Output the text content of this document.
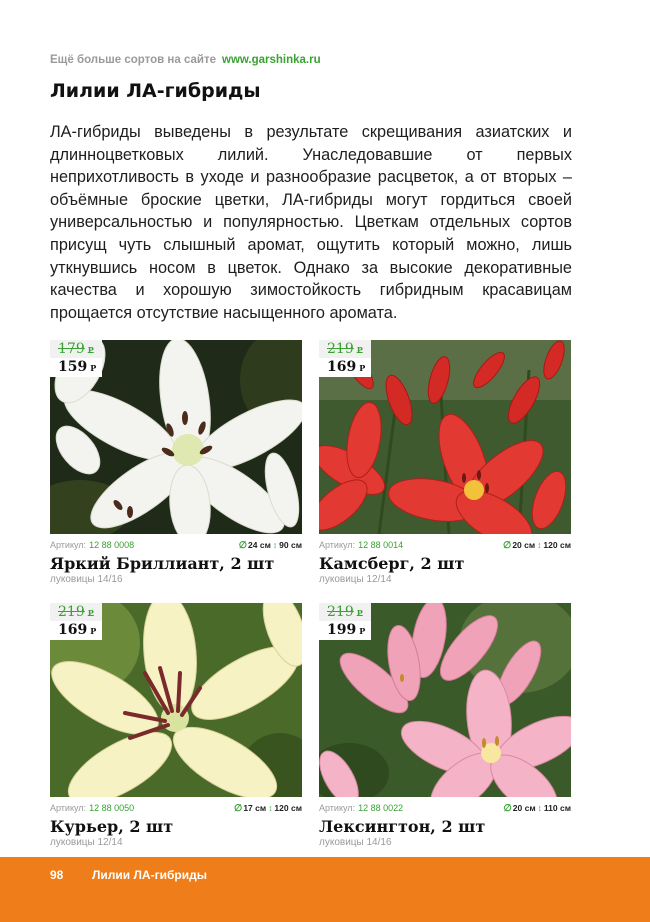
Ещё больше сортов на сайте www.garshinka.ru
Лилии ЛА-гибриды

ЛА-гибриды выведены в результате скрещивания азиатских и длинноцветковых лилий. Унаследовавшие от первых неприхотливость в уходе и разнообразие расцветок, а от вторых – объёмные броские цветки, ЛА-гибриды могут гордиться своей универсальностью и популярностью. Цветкам отдельных сортов присущ чуть слышный аромат, ощутить который можно, лишь уткнувшись носом в цветок. Однако за высокие декоративные качества и хорошую зимостойкость гибридным красавицам прощается отсутствие насыщенного аромата.

179 Р
159 Р
Артикул: 12 88 0008	∅24 см ↕ 90 см
Яркий Бриллиант, 2 шт
луковицы 14/16
219 Р
169 Р
Артикул: 12 88 0014	∅20 см ↕ 120 см
Камсберг, 2 шт
луковицы 12/14
219 Р
169 Р
Артикул: 12 88 0050	∅17 см ↕ 120 см
Курьер, 2 шт
луковицы 12/14
219 Р
199 Р
Артикул: 12 88 0022	∅20 см ↕ 110 см
Лексингтон, 2 шт
луковицы 14/16
98 Лилии ЛА-гибриды
